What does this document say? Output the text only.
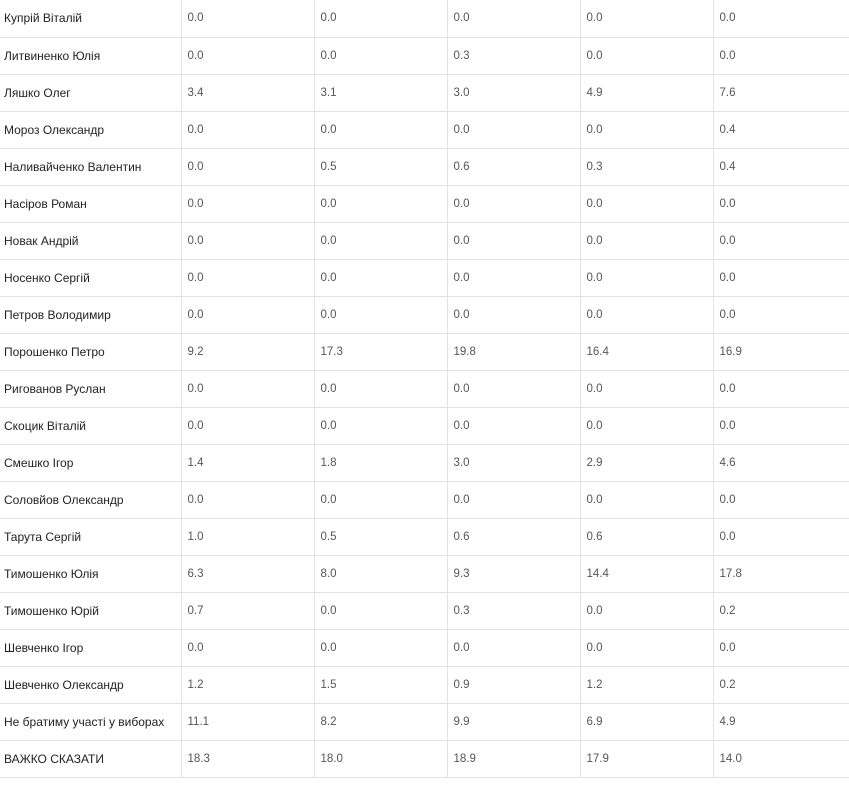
Купрій Віталій	0.0	0.0	0.0	0.0	0.0
Литвиненко Юлія	0.0	0.0	0.3	0.0	0.0
Ляшко Олег	3.4	3.1	3.0	4.9	7.6
Мороз Олександр	0.0	0.0	0.0	0.0	0.4
Наливайченко Валентин	0.0	0.5	0.6	0.3	0.4
Насіров Роман	0.0	0.0	0.0	0.0	0.0
Новак Андрій	0.0	0.0	0.0	0.0	0.0
Носенко Сергій	0.0	0.0	0.0	0.0	0.0
Петров Володимир	0.0	0.0	0.0	0.0	0.0
Порошенко Петро	9.2	17.3	19.8	16.4	16.9
Ригованов Руслан	0.0	0.0	0.0	0.0	0.0
Скоцик Віталій	0.0	0.0	0.0	0.0	0.0
Смешко Ігор	1.4	1.8	3.0	2.9	4.6
Соловйов Олександр	0.0	0.0	0.0	0.0	0.0
Тарута Сергій	1.0	0.5	0.6	0.6	0.0
Тимошенко Юлія	6.3	8.0	9.3	14.4	17.8
Тимошенко Юрій	0.7	0.0	0.3	0.0	0.2
Шевченко Ігор	0.0	0.0	0.0	0.0	0.0
Шевченко Олександр	1.2	1.5	0.9	1.2	0.2
Не братиму участі у виборах	11.1	8.2	9.9	6.9	4.9
ВАЖКО СКАЗАТИ	18.3	18.0	18.9	17.9	14.0
